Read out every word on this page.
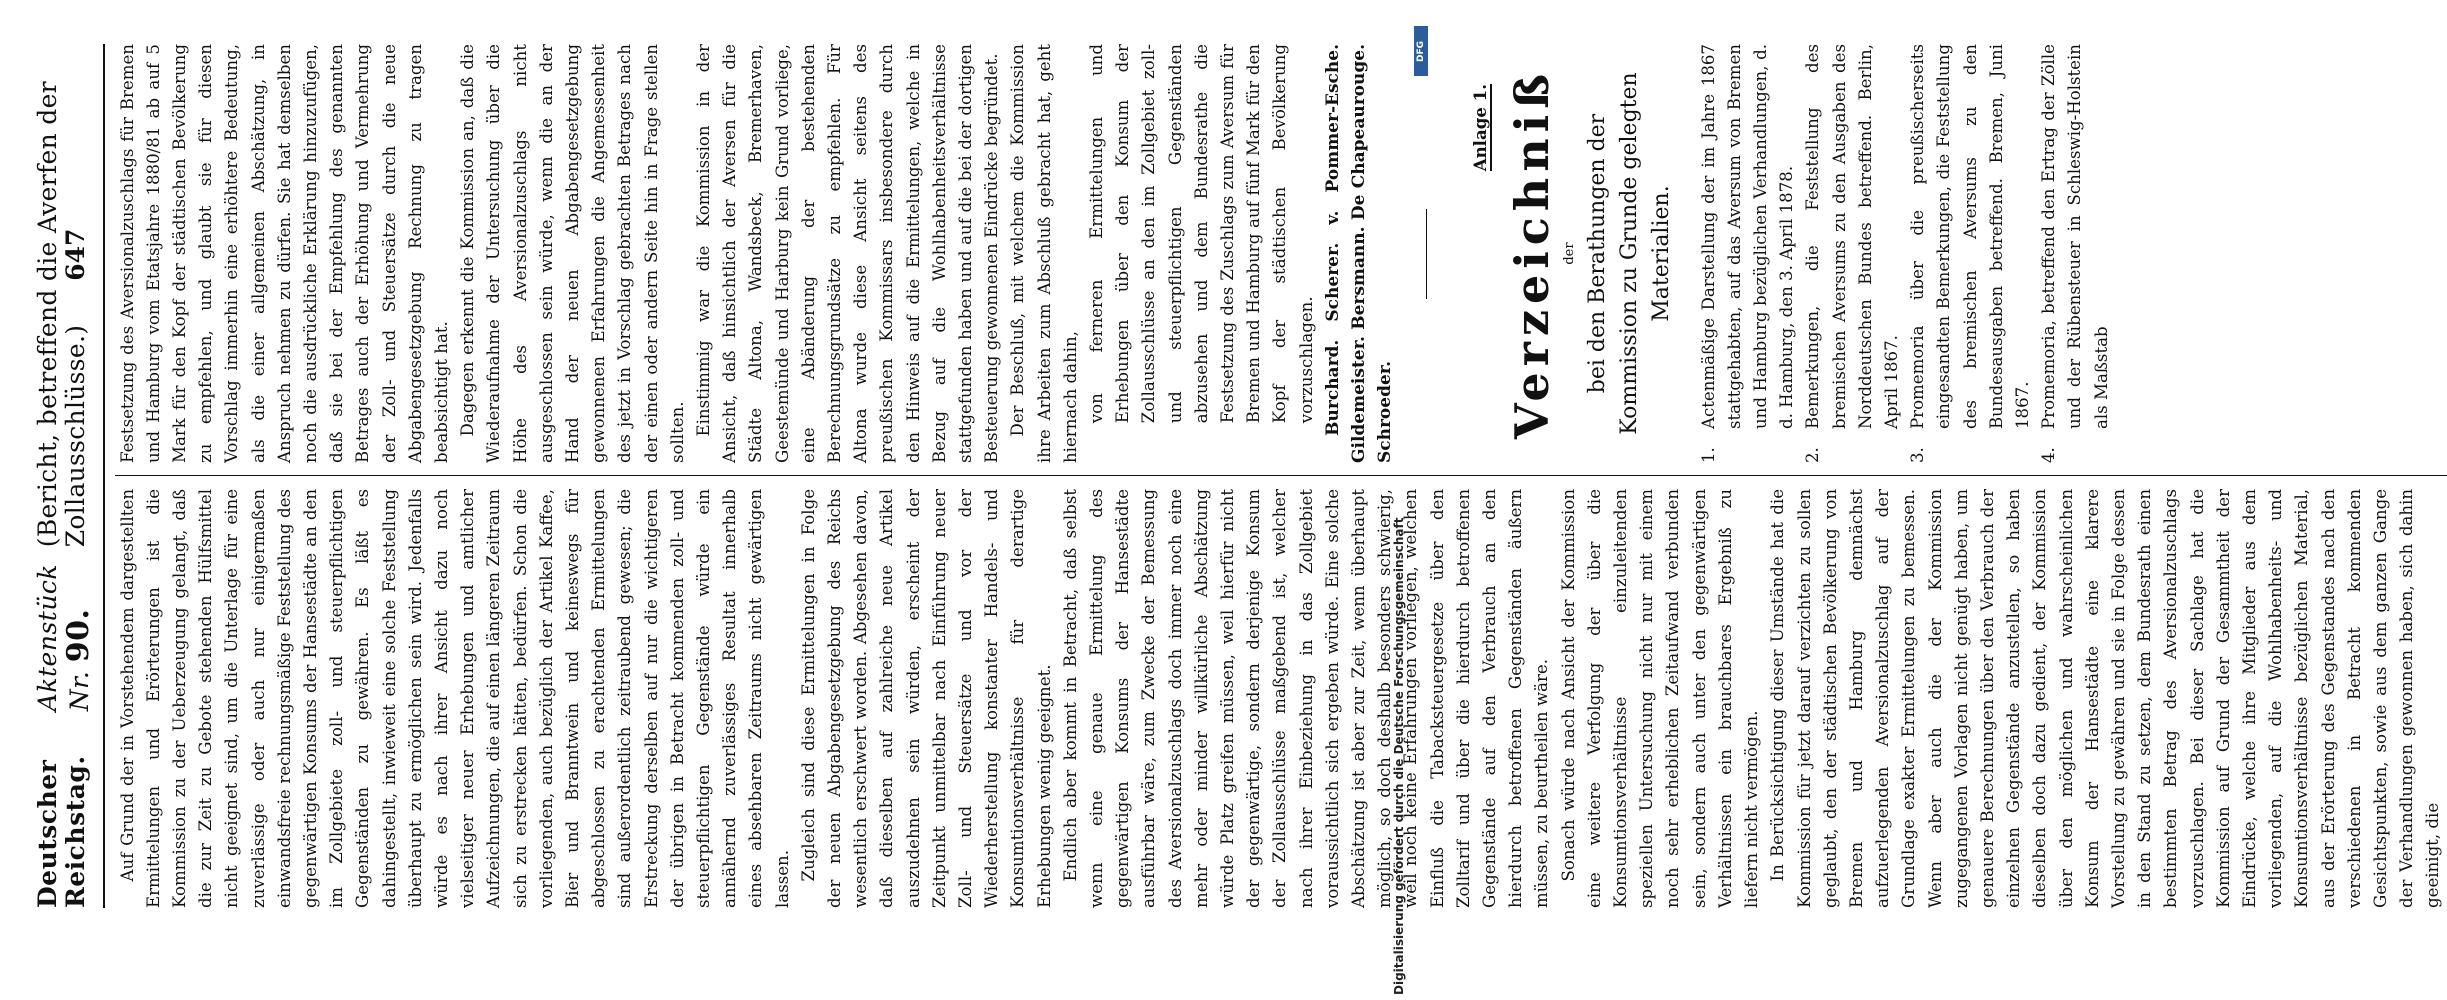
Deutscher Reichstag.
Aktenstück Nr. 90.
(Bericht, betreffend die Averfen der Zollausschlüsse.) 647

Auf Grund der in Vorstehendem dargestellten Ermittelungen und Erörterungen ist die Kommission zu der Ueberzeugung gelangt, daß die zur Zeit zu Gebote stehenden Hülfsmittel nicht geeignet sind, um die Unterlage für eine zuverlässige oder auch nur einigermaßen einwandsfreie rechnungsmäßige Feststellung des gegenwärtigen Konsums der Hansestädte an den im Zollgebiete zoll- und steuerpflichtigen Gegenständen zu gewähren. Es läßt es dahingestellt, inwieweit eine solche Feststellung überhaupt zu ermöglichen sein wird. Jedenfalls würde es nach ihrer Ansicht dazu noch vielseitiger neuer Erhebungen und amtlicher Aufzeichnungen, die auf einen längeren Zeitraum sich zu erstrecken hätten, bedürfen. Schon die vorliegenden, auch bezüglich der Artikel Kaffee, Bier und Branntwein und keineswegs für abgeschlossen zu erachtenden Ermittelungen sind außerordentlich zeitraubend gewesen; die Erstreckung derselben auf nur die wichtigeren der übrigen in Betracht kommenden zoll- und steuerpflichtigen Gegenstände würde ein annähernd zuverlässiges Resultat innerhalb eines absehbaren Zeitraums nicht gewärtigen lassen. Zugleich sind diese Ermittelungen in Folge der neuen Abgabengesetzgebung des Reichs wesentlich erschwert worden. Abgesehen davon, daß dieselben auf zahlreiche neue Artikel auszudehnen sein würden, erscheint der Zeitpunkt unmittelbar nach Einführung neuer Zoll- und Steuersätze und vor der Wiederherstellung konstanter Handels- und Konsumtionsverhältnisse für derartige Erhebungen wenig geeignet. Endlich aber kommt in Betracht, daß selbst wenn eine genaue Ermittelung des gegenwärtigen Konsums der Hansestädte ausführbar wäre, zum Zwecke der Bemessung des Aversionalzuschlags doch immer noch eine mehr oder minder willkürliche Abschätzung würde Platz greifen müssen, weil hierfür nicht der gegenwärtige, sondern derjenige Konsum der Zollausschlüsse maßgebend ist, welcher nach ihrer Einbeziehung in das Zollgebiet voraussichtlich sich ergeben würde. Eine solche Abschätzung ist aber zur Zeit, wenn überhaupt möglich, so doch deshalb besonders schwierig, weil noch keine Erfahrungen vorliegen, welchen Einfluß die Tabacksteuergesetze über den Zolltarif und über die hierdurch betroffenen Gegenstände auf den Verbrauch an den hierdurch betroffenen Gegenständen äußern müssen, zu beurtheilen wäre. Sonach würde nach Ansicht der Kommission eine weitere Verfolgung der über die Konsumtionsverhältnisse einzuleitenden speziellen Untersuchung nicht nur mit einem noch sehr erheblichen Zeitaufwand verbunden sein, sondern auch unter den gegenwärtigen Verhältnissen ein brauchbares Ergebniß zu liefern nicht vermögen. In Berücksichtigung dieser Umstände hat die Kommission für jetzt darauf verzichten zu sollen geglaubt, den der städtischen Bevölkerung von Bremen und Hamburg demnächst aufzuerlegenden Aversionalzuschlag auf der Grundlage exakter Ermittelungen zu bemessen. Wenn aber auch die der Kommission zugegangenen Vorlagen nicht genügt haben, um genauere Berechnungen über den Verbrauch der einzelnen Gegenstände anzustellen, so haben dieselben doch dazu gedient, der Kommission über den möglichen und wahrscheinlichen Konsum der Hansestädte eine klarere Vorstellung zu gewähren und sie in Folge dessen in den Stand zu setzen, dem Bundesrath einen bestimmten Betrag des Aversionalzuschlags vorzuschlagen. Bei dieser Sachlage hat die Kommission auf Grund der Gesammtheit der Eindrücke, welche ihre Mitglieder aus dem vorliegenden, auf die Wohlhabenheits- und Konsumtionsverhältnisse bezüglichen Material, aus der Erörterung des Gegenstandes nach den verschiedenen in Betracht kommenden Gesichtspunkten, sowie aus dem ganzen Gange der Verhandlungen gewonnen haben, sich dahin geeinigt, die

Festsetzung des Aversionalzuschlags für Bremen und Hamburg vom Etatsjahre 1880/81 ab auf 5 Mark für den Kopf der städtischen Bevölkerung zu empfehlen, und glaubt sie für diesen Vorschlag immerhin eine erhöhtere Bedeutung, als die einer allgemeinen Abschätzung, in Anspruch nehmen zu dürfen. Sie hat demselben noch die ausdrückliche Erklärung hinzuzufügen, daß sie bei der Empfehlung des genannten Betrages auch der Erhöhung und Vermehrung der Zoll- und Steuersätze durch die neue Abgabengesetzgebung Rechnung zu tragen beabsichtigt hat. Dagegen erkennt die Kommission an, daß die Wiederaufnahme der Untersuchung über die Höhe des Aversionalzuschlags nicht ausgeschlossen sein würde, wenn die an der Hand der neuen Abgabengesetzgebung gewonnenen Erfahrungen die Angemessenheit des jetzt in Vorschlag gebrachten Betrages nach der einen oder andern Seite hin in Frage stellen sollten. Einstimmig war die Kommission in der Ansicht, daß hinsichtlich der Aversen für die Städte Altona, Wandsbeck, Bremerhaven, Geestemünde und Harburg kein Grund vorliege, eine Abänderung der bestehenden Berechnungsgrundsätze zu empfehlen. Für Altona wurde diese Ansicht seitens des preußischen Kommissars insbesondere durch den Hinweis auf die Ermittelungen, welche in Bezug auf die Wohlhabenheitsverhältnisse stattgefunden haben und auf die bei der dortigen Besteuerung gewonnenen Eindrücke begründet. Der Beschluß, mit welchem die Kommission ihre Arbeiten zum Abschluß gebracht hat, geht hiernach dahin, von ferneren Ermittelungen und Erhebungen über den Konsum der Zollausschlüsse an den im Zollgebiet zoll- und steuerpflichtigen Gegenständen abzusehen und dem Bundesrathe die Festsetzung des Zuschlags zum Aversum für Bremen und Hamburg auf fünf Mark für den Kopf der städtischen Bevölkerung vorzuschlagen. Burchard. Scherer. v. Pommer-Esche. Gildemeister. Bersmann. De Chapeaurouge. Schroeder.

Anlage 1. Verzeichniß der bei den Berathungen der Kommission zu Grunde gelegten Materialien.
1.
Actenmäßige Darstellung der im Jahre 1867 stattgehabten, auf das Aversum von Bremen und Hamburg bezüglichen Verhandlungen, d. d. Hamburg, den 3. April 1878.
2.
Bemerkungen, die Feststellung des bremischen Aversums zu den Ausgaben des Norddeutschen Bundes betreffend. Berlin, April 1867.
3.
Promemoria über die preußischerseits eingesandten Bemerkungen, die Feststellung des bremischen Aversums zu den Bundesausgaben betreffend. Bremen, Juni 1867.
4.
Promemoria, betreffend den Ertrag der Zölle und der Rübensteuer in Schleswig-Holstein als Maßstab
Digitalisierung gefördert durch die Deutsche Forschungsgemeinschaft
DFG
